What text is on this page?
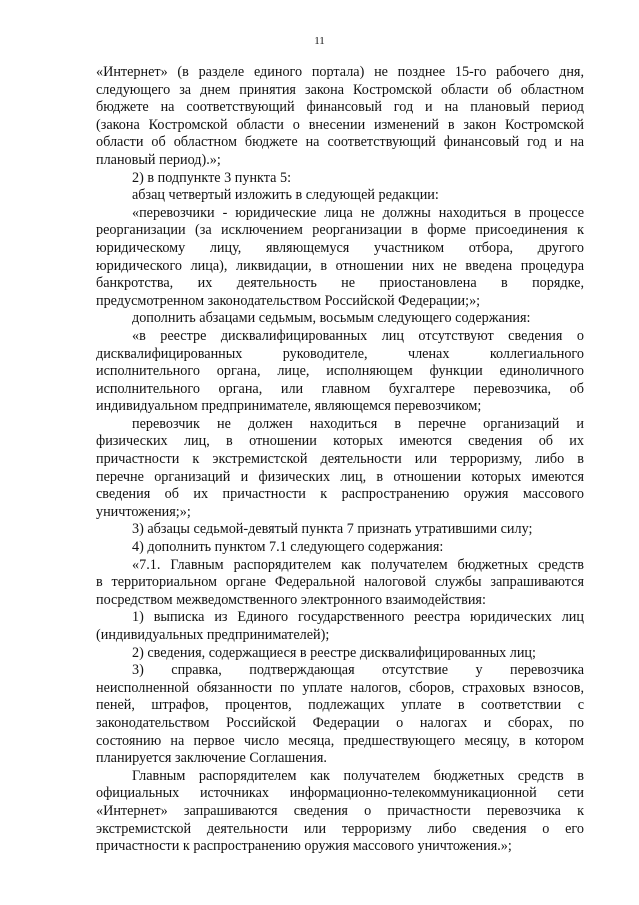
11
«Интернет» (в разделе единого портала) не позднее 15-го рабочего дня,
следующего за днем принятия закона Костромской области об областном
бюджете на соответствующий финансовый год и на плановый период
(закона Костромской области о внесении изменений в закон Костромской
области об областном бюджете на соответствующий финансовый год и на
плановый период).»;
2) в подпункте 3 пункта 5:
абзац четвертый изложить в следующей редакции:
«перевозчики - юридические лица не должны находиться в процессе
реорганизации (за исключением реорганизации в форме присоединения к
юридическому лицу, являющемуся участником отбора, другого
юридического лица), ликвидации, в отношении них не введена процедура
банкротства, их деятельность не приостановлена в порядке,
предусмотренном законодательством Российской Федерации;»;
дополнить абзацами седьмым, восьмым следующего содержания:
«в реестре дисквалифицированных лиц отсутствуют сведения о
дисквалифицированных руководителе, членах коллегиального
исполнительного органа, лице, исполняющем функции единоличного
исполнительного органа, или главном бухгалтере перевозчика, об
индивидуальном предпринимателе, являющемся перевозчиком;
перевозчик не должен находиться в перечне организаций и
физических лиц, в отношении которых имеются сведения об их
причастности к экстремистской деятельности или терроризму, либо в
перечне организаций и физических лиц, в отношении которых имеются
сведения об их причастности к распространению оружия массового
уничтожения;»;
3) абзацы седьмой-девятый пункта 7 признать утратившими силу;
4) дополнить пунктом 7.1 следующего содержания:
«7.1. Главным распорядителем как получателем бюджетных средств
в территориальном органе Федеральной налоговой службы запрашиваются
посредством межведомственного электронного взаимодействия:
1) выписка из Единого государственного реестра юридических лиц
(индивидуальных предпринимателей);
2) сведения, содержащиеся в реестре дисквалифицированных лиц;
3) справка, подтверждающая отсутствие у перевозчика
неисполненной обязанности по уплате налогов, сборов, страховых взносов,
пеней, штрафов, процентов, подлежащих уплате в соответствии с
законодательством Российской Федерации о налогах и сборах, по
состоянию на первое число месяца, предшествующего месяцу, в котором
планируется заключение Соглашения.
Главным распорядителем как получателем бюджетных средств в
официальных источниках информационно-телекоммуникационной сети
«Интернет» запрашиваются сведения о причастности перевозчика к
экстремистской деятельности или терроризму либо сведения о его
причастности к распространению оружия массового уничтожения.»;
